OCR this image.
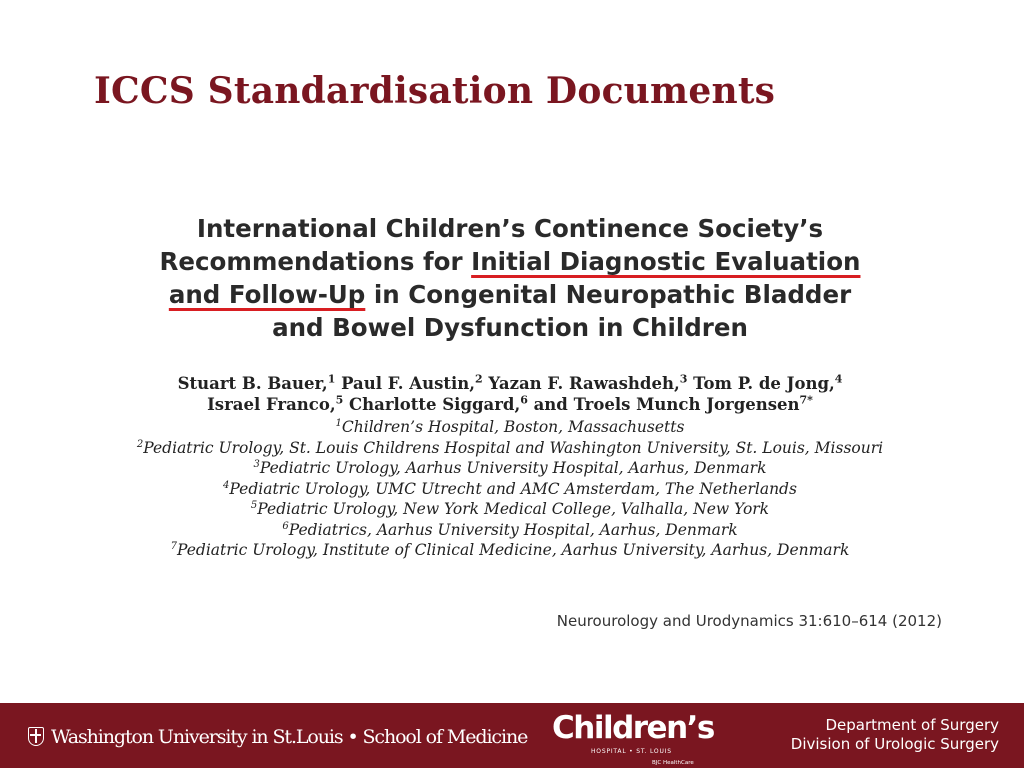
ICCS Standardisation Documents
International Children’s Continence Society’s
Recommendations for Initial Diagnostic Evaluation
and Follow-Up in Congenital Neuropathic Bladder
and Bowel Dysfunction in Children
Stuart B. Bauer,$^1$ Paul F. Austin,$^2$ Yazan F. Rawashdeh,$^3$ Tom P. de Jong,$^4$
Israel Franco,$^5$ Charlotte Siggard,$^6$ and Troels Munch Jorgensen$^{7*}$
$^1$Children’s Hospital, Boston, Massachusetts
$^2$Pediatric Urology, St. Louis Childrens Hospital and Washington University, St. Louis, Missouri
$^3$Pediatric Urology, Aarhus University Hospital, Aarhus, Denmark
$^4$Pediatric Urology, UMC Utrecht and AMC Amsterdam, The Netherlands
$^5$Pediatric Urology, New York Medical College, Valhalla, New York
$^6$Pediatrics, Aarhus University Hospital, Aarhus, Denmark
$^7$Pediatric Urology, Institute of Clinical Medicine, Aarhus University, Aarhus, Denmark
Neurourology and Urodynamics 31:610–614 (2012)
Washington University in St.Louis • School of Medicine Children’s
HOSPITAL • ST. LOUIS
BJC HealthCare
Department of Surgery
Division of Urologic Surgery
